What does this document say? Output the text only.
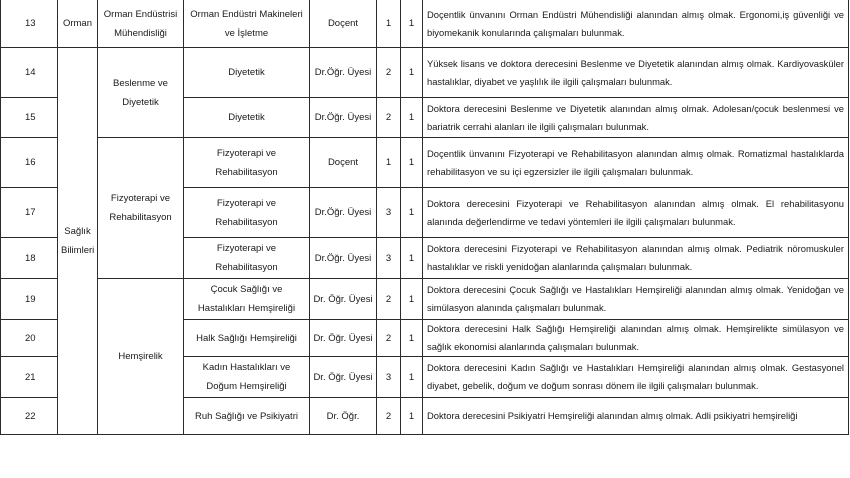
13	Orman	Orman Endüstrisi Mühendisliği	Orman Endüstri Makineleri ve İşletme	Doçent	1	1	Doçentlik ünvanını Orman Endüstri Mühendisliği alanından almış olmak. Ergonomi,iş güvenliği ve biyomekanik konularında çalışmaları bulunmak.
14	Sağlık Bilimleri	Beslenme ve Diyetetik	Diyetetik	Dr.Öğr. Üyesi	2	1	Yüksek lisans ve doktora derecesini Beslenme ve Diyetetik alanından almış olmak. Kardiyovasküler hastalıklar, diyabet ve yaşlılık ile ilgili çalışmaları bulunmak.
15			Diyetetik	Dr.Öğr. Üyesi	2	1	Doktora derecesini Beslenme ve Diyetetik alanından almış olmak. Adolesan/çocuk beslenmesi ve bariatrik cerrahi alanları ile ilgili çalışmaları bulunmak.
16		Fizyoterapi ve Rehabilitasyon	Fizyoterapi ve Rehabilitasyon	Doçent	1	1	Doçentlik ünvanını Fizyoterapi ve Rehabilitasyon alanından almış olmak. Romatizmal hastalıklarda rehabilitasyon ve su içi egzersizler ile ilgili çalışmaları bulunmak.
17			Fizyoterapi ve Rehabilitasyon	Dr.Öğr. Üyesi	3	1	Doktora derecesini Fizyoterapi ve Rehabilitasyon alanından almış olmak. El rehabilitasyonu alanında değerlendirme ve tedavi yöntemleri ile ilgili çalışmaları bulunmak.
18			Fizyoterapi ve Rehabilitasyon	Dr.Öğr. Üyesi	3	1	Doktora derecesini Fizyoterapi ve Rehabilitasyon alanından almış olmak. Pediatrik nöromuskuler hastalıklar ve riskli yenidoğan alanlarında çalışmaları bulunmak.
19		Hemşirelik	Çocuk Sağlığı ve Hastalıkları Hemşireliği	Dr. Öğr. Üyesi	2	1	Doktora derecesini Çocuk Sağlığı ve Hastalıkları Hemşireliği alanından almış olmak. Yenidoğan ve simülasyon alanında çalışmaları bulunmak.
20			Halk Sağlığı Hemşireliği	Dr. Öğr. Üyesi	2	1	Doktora derecesini Halk Sağlığı Hemşireliği alanından almış olmak. Hemşirelikte simülasyon ve sağlık ekonomisi alanlarında çalışmaları bulunmak.
21			Kadın Hastalıkları ve Doğum Hemşireliği	Dr. Öğr. Üyesi	3	1	Doktora derecesini Kadın Sağlığı ve Hastalıkları Hemşireliği alanından almış olmak. Gestasyonel diyabet, gebelik, doğum ve doğum sonrası dönem ile ilgili çalışmaları bulunmak.
22			Ruh Sağlığı ve Psikiyatri	Dr. Öğr.	2	1	Doktora derecesini Psikiyatri Hemşireliği alanından almış olmak. Adli psikiyatri hemşireliği
